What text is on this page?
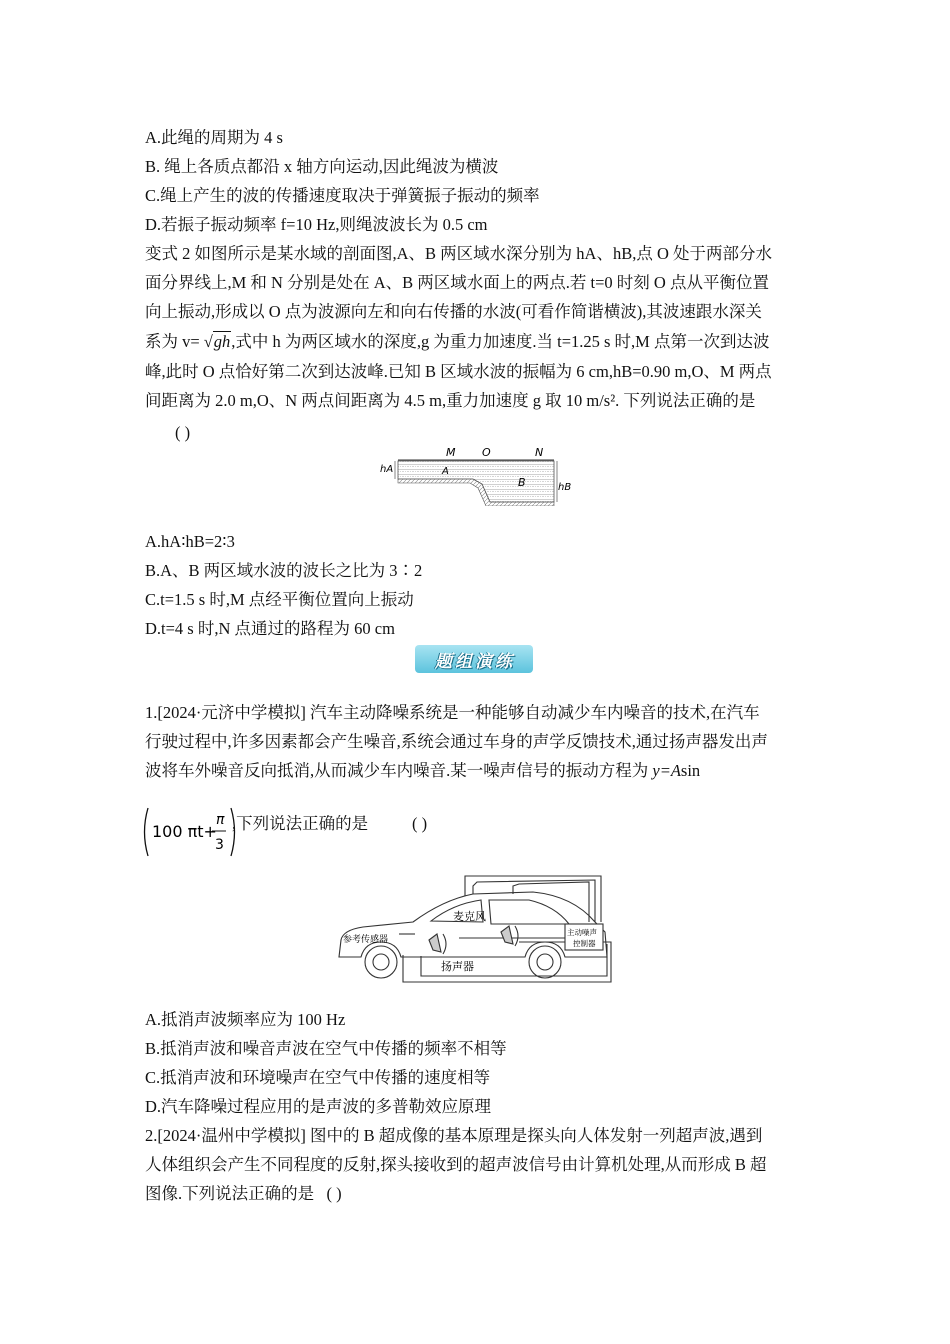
A.此绳的周期为 4 s
B. 绳上各质点都沿 x 轴方向运动,因此绳波为横波
C.绳上产生的波的传播速度取决于弹簧振子振动的频率
D.若振子振动频率 f=10 Hz,则绳波波长为 0.5 cm
变式 2 如图所示是某水域的剖面图,A、B 两区域水深分别为 hA、hB,点 O 处于两部分水
面分界线上,M 和 N 分别是处在 A、B 两区域水面上的两点.若 t=0 时刻 O 点从平衡位置
向上振动,形成以 O 点为波源向左和向右传播的水波(可看作简谐横波),其波速跟水深关
系为 v= √gh,式中 h 为两区域水的深度,g 为重力加速度.当 t=1.25 s 时,M 点第一次到达波
峰,此时 O 点恰好第二次到达波峰.已知 B 区域水波的振幅为 6 cm,hB=0.90 m,O、M 两点
间距离为 2.0 m,O、N 两点间距离为 4.5 m,重力加速度 g 取 10 m/s². 下列说法正确的是
( )
hA
M O	N
A
B	hB
A.hA∶hB=2∶3
B.A、B 两区域水波的波长之比为 3∶2
C.t=1.5 s 时,M 点经平衡位置向上振动
D.t=4 s 时,N 点通过的路程为 60 cm
题 组 演 练
1.[2024·元济中学模拟] 汽车主动降噪系统是一种能够自动减少车内噪音的技术,在汽车
行驶过程中,许多因素都会产生噪音,系统会通过车身的声学反馈技术,通过扬声器发出声
波将车外噪音反向抵消,从而减少车内噪音.某一噪声信号的振动方程为 y=Asin
100 πt+
π
3
,下列说法正确的是	( )
麦克风
参考传感器
扬声器
主动噪声
控制器
A.抵消声波频率应为 100 Hz
B.抵消声波和噪音声波在空气中传播的频率不相等
C.抵消声波和环境噪声在空气中传播的速度相等
D.汽车降噪过程应用的是声波的多普勒效应原理
2.[2024·温州中学模拟] 图中的 B 超成像的基本原理是探头向人体发射一列超声波,遇到
人体组织会产生不同程度的反射,探头接收到的超声波信号由计算机处理,从而形成 B 超
图像.下列说法正确的是 ( )
